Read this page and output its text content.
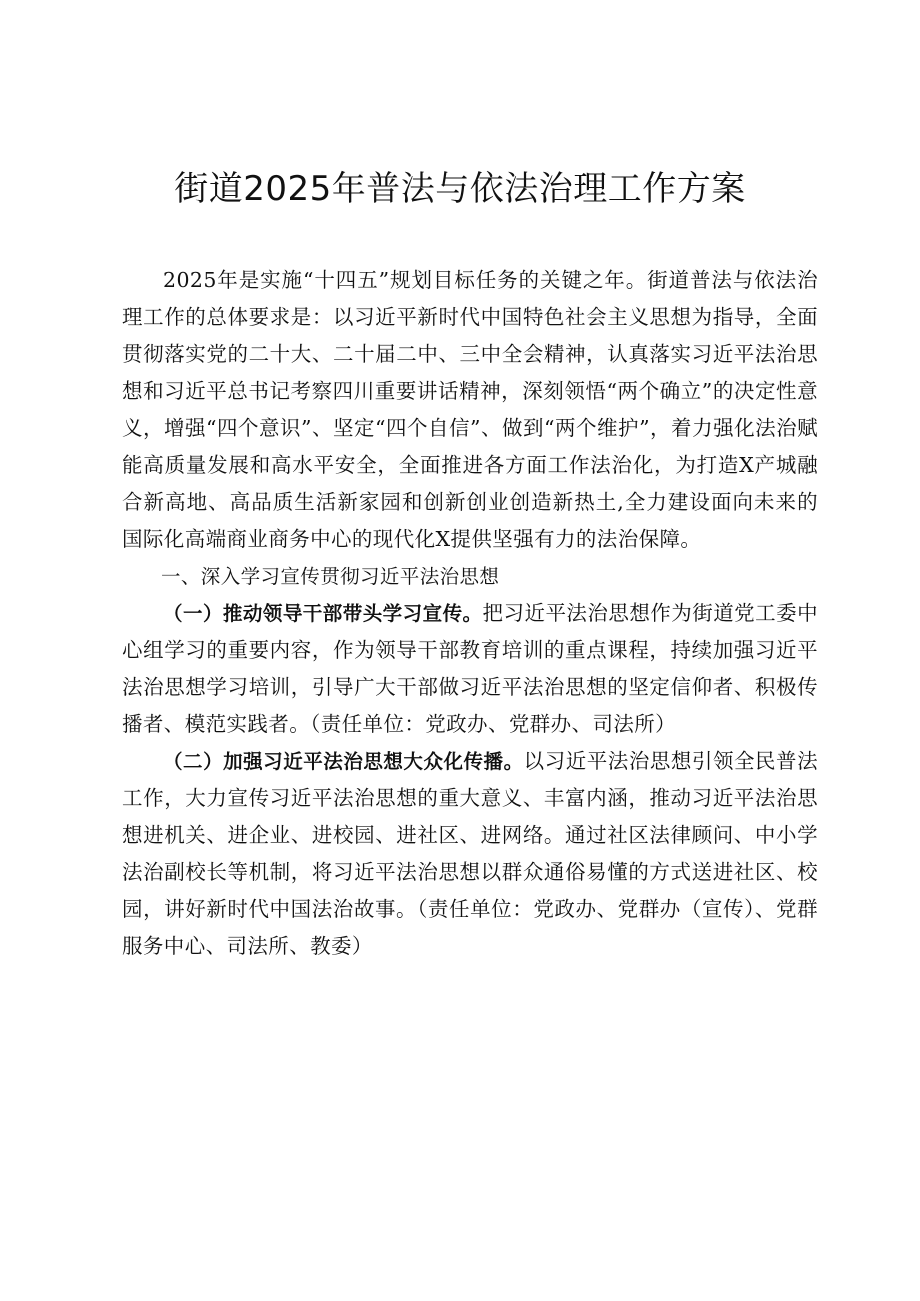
街道2025年普法与依法治理工作方案

2025年是实施“十四五”规划目标任务的关键之年。街道普法与依法治理工作的总体要求是：以习近平新时代中国特色社会主义思想为指导，全面贯彻落实党的二十大、二十届二中、三中全会精神，认真落实习近平法治思想和习近平总书记考察四川重要讲话精神，深刻领悟“两个确立”的决定性意义，增强“四个意识”、坚定“四个自信”、做到“两个维护”，着力强化法治赋能高质量发展和高水平安全，全面推进各方面工作法治化，为打造X产城融合新高地、高品质生活新家园和创新创业创造新热土,全力建设面向未来的国际化高端商业商务中心的现代化X提供坚强有力的法治保障。

一、深入学习宣传贯彻习近平法治思想

（一）推动领导干部带头学习宣传。把习近平法治思想作为街道党工委中心组学习的重要内容，作为领导干部教育培训的重点课程，持续加强习近平法治思想学习培训，引导广大干部做习近平法治思想的坚定信仰者、积极传播者、模范实践者。（责任单位：党政办、党群办、司法所）

（二）加强习近平法治思想大众化传播。以习近平法治思想引领全民普法工作，大力宣传习近平法治思想的重大意义、丰富内涵，推动习近平法治思想进机关、进企业、进校园、进社区、进网络。通过社区法律顾问、中小学法治副校长等机制，将习近平法治思想以群众通俗易懂的方式送进社区、校园，讲好新时代中国法治故事。（责任单位：党政办、党群办（宣传）、党群服务中心、司法所、教委）
